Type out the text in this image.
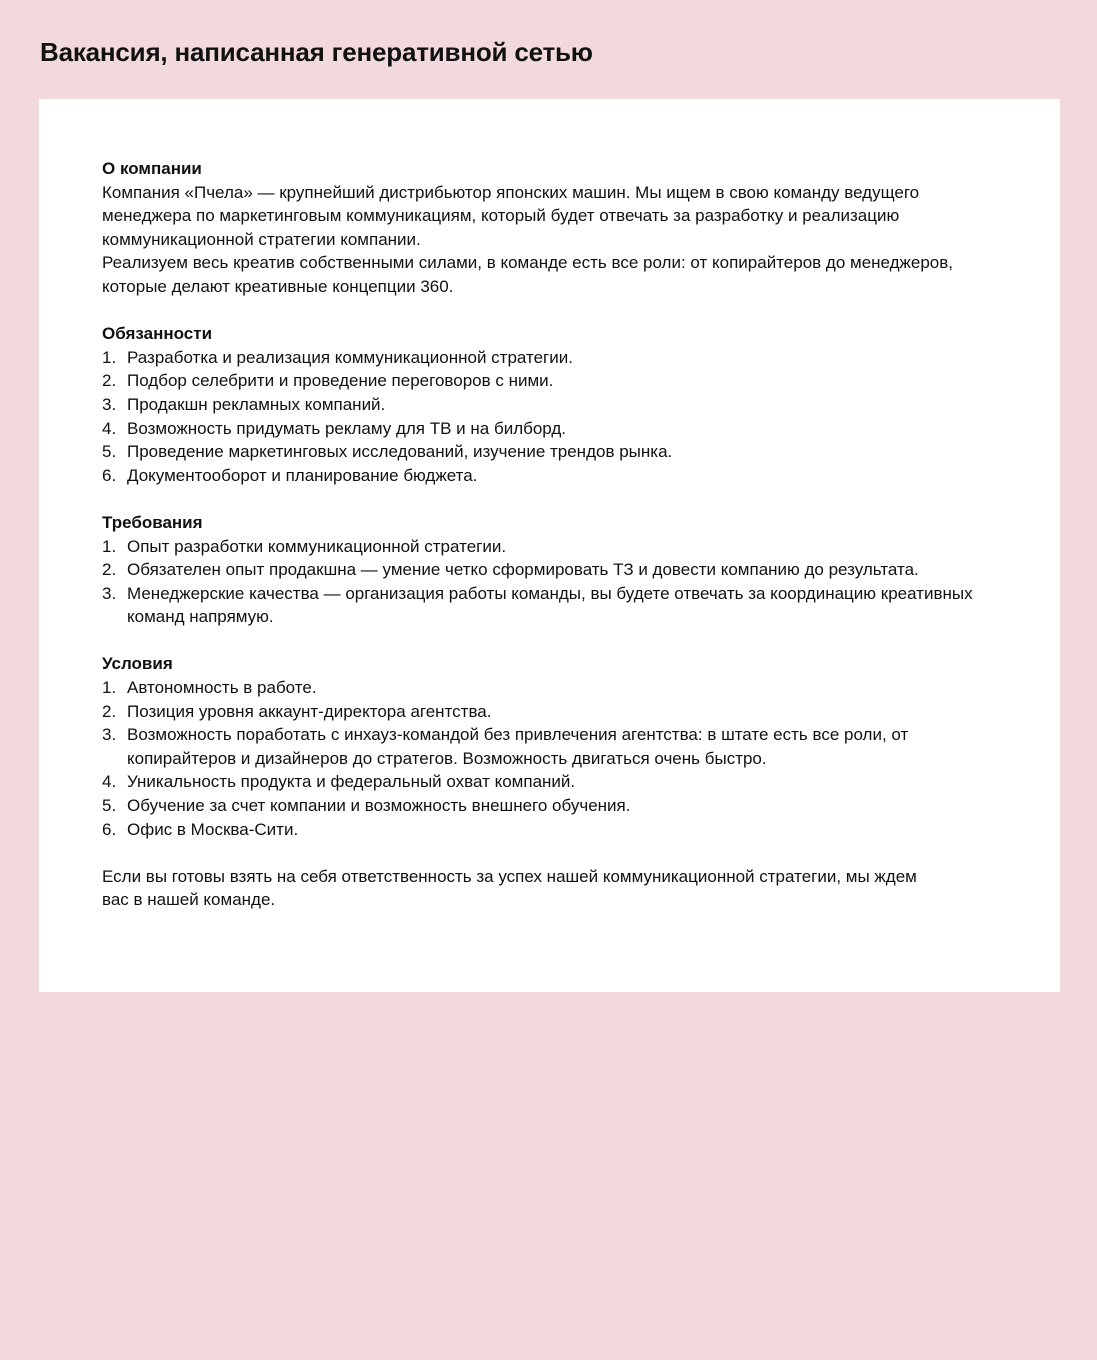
Вакансия, написанная генеративной сетью

О компании

Компания «Пчела» — крупнейший дистрибьютор японских машин. Мы ищем в свою команду ведущего менеджера по маркетинговым коммуникациям, который будет отвечать за разработку и реализацию коммуникационной стратегии компании.

Реализуем весь креатив собственными силами, в команде есть все роли: от копирайтеров до менеджеров, которые делают креативные концепции 360.

Обязанности

1. Разработка и реализация коммуникационной стратегии.
2. Подбор селебрити и проведение переговоров с ними.
3. Продакшн рекламных компаний.
4. Возможность придумать рекламу для ТВ и на билборд.
5. Проведение маркетинговых исследований, изучение трендов рынка.
6. Документооборот и планирование бюджета.

Требования

1. Опыт разработки коммуникационной стратегии.
2. Обязателен опыт продакшна — умение четко сформировать ТЗ и довести компанию до результата.
3. Менеджерские качества — организация работы команды, вы будете отвечать за координацию креативных команд напрямую.

Условия

1. Автономность в работе.
2. Позиция уровня аккаунт-директора агентства.
3. Возможность поработать с инхауз-командой без привлечения агентства: в штате есть все роли, от копирайтеров и дизайнеров до стратегов. Возможность двигаться очень быстро.
4. Уникальность продукта и федеральный охват компаний.
5. Обучение за счет компании и возможность внешнего обучения.
6. Офис в Москва-Сити.

Если вы готовы взять на себя ответственность за успех нашей коммуникационной стратегии, мы ждем вас в нашей команде.
